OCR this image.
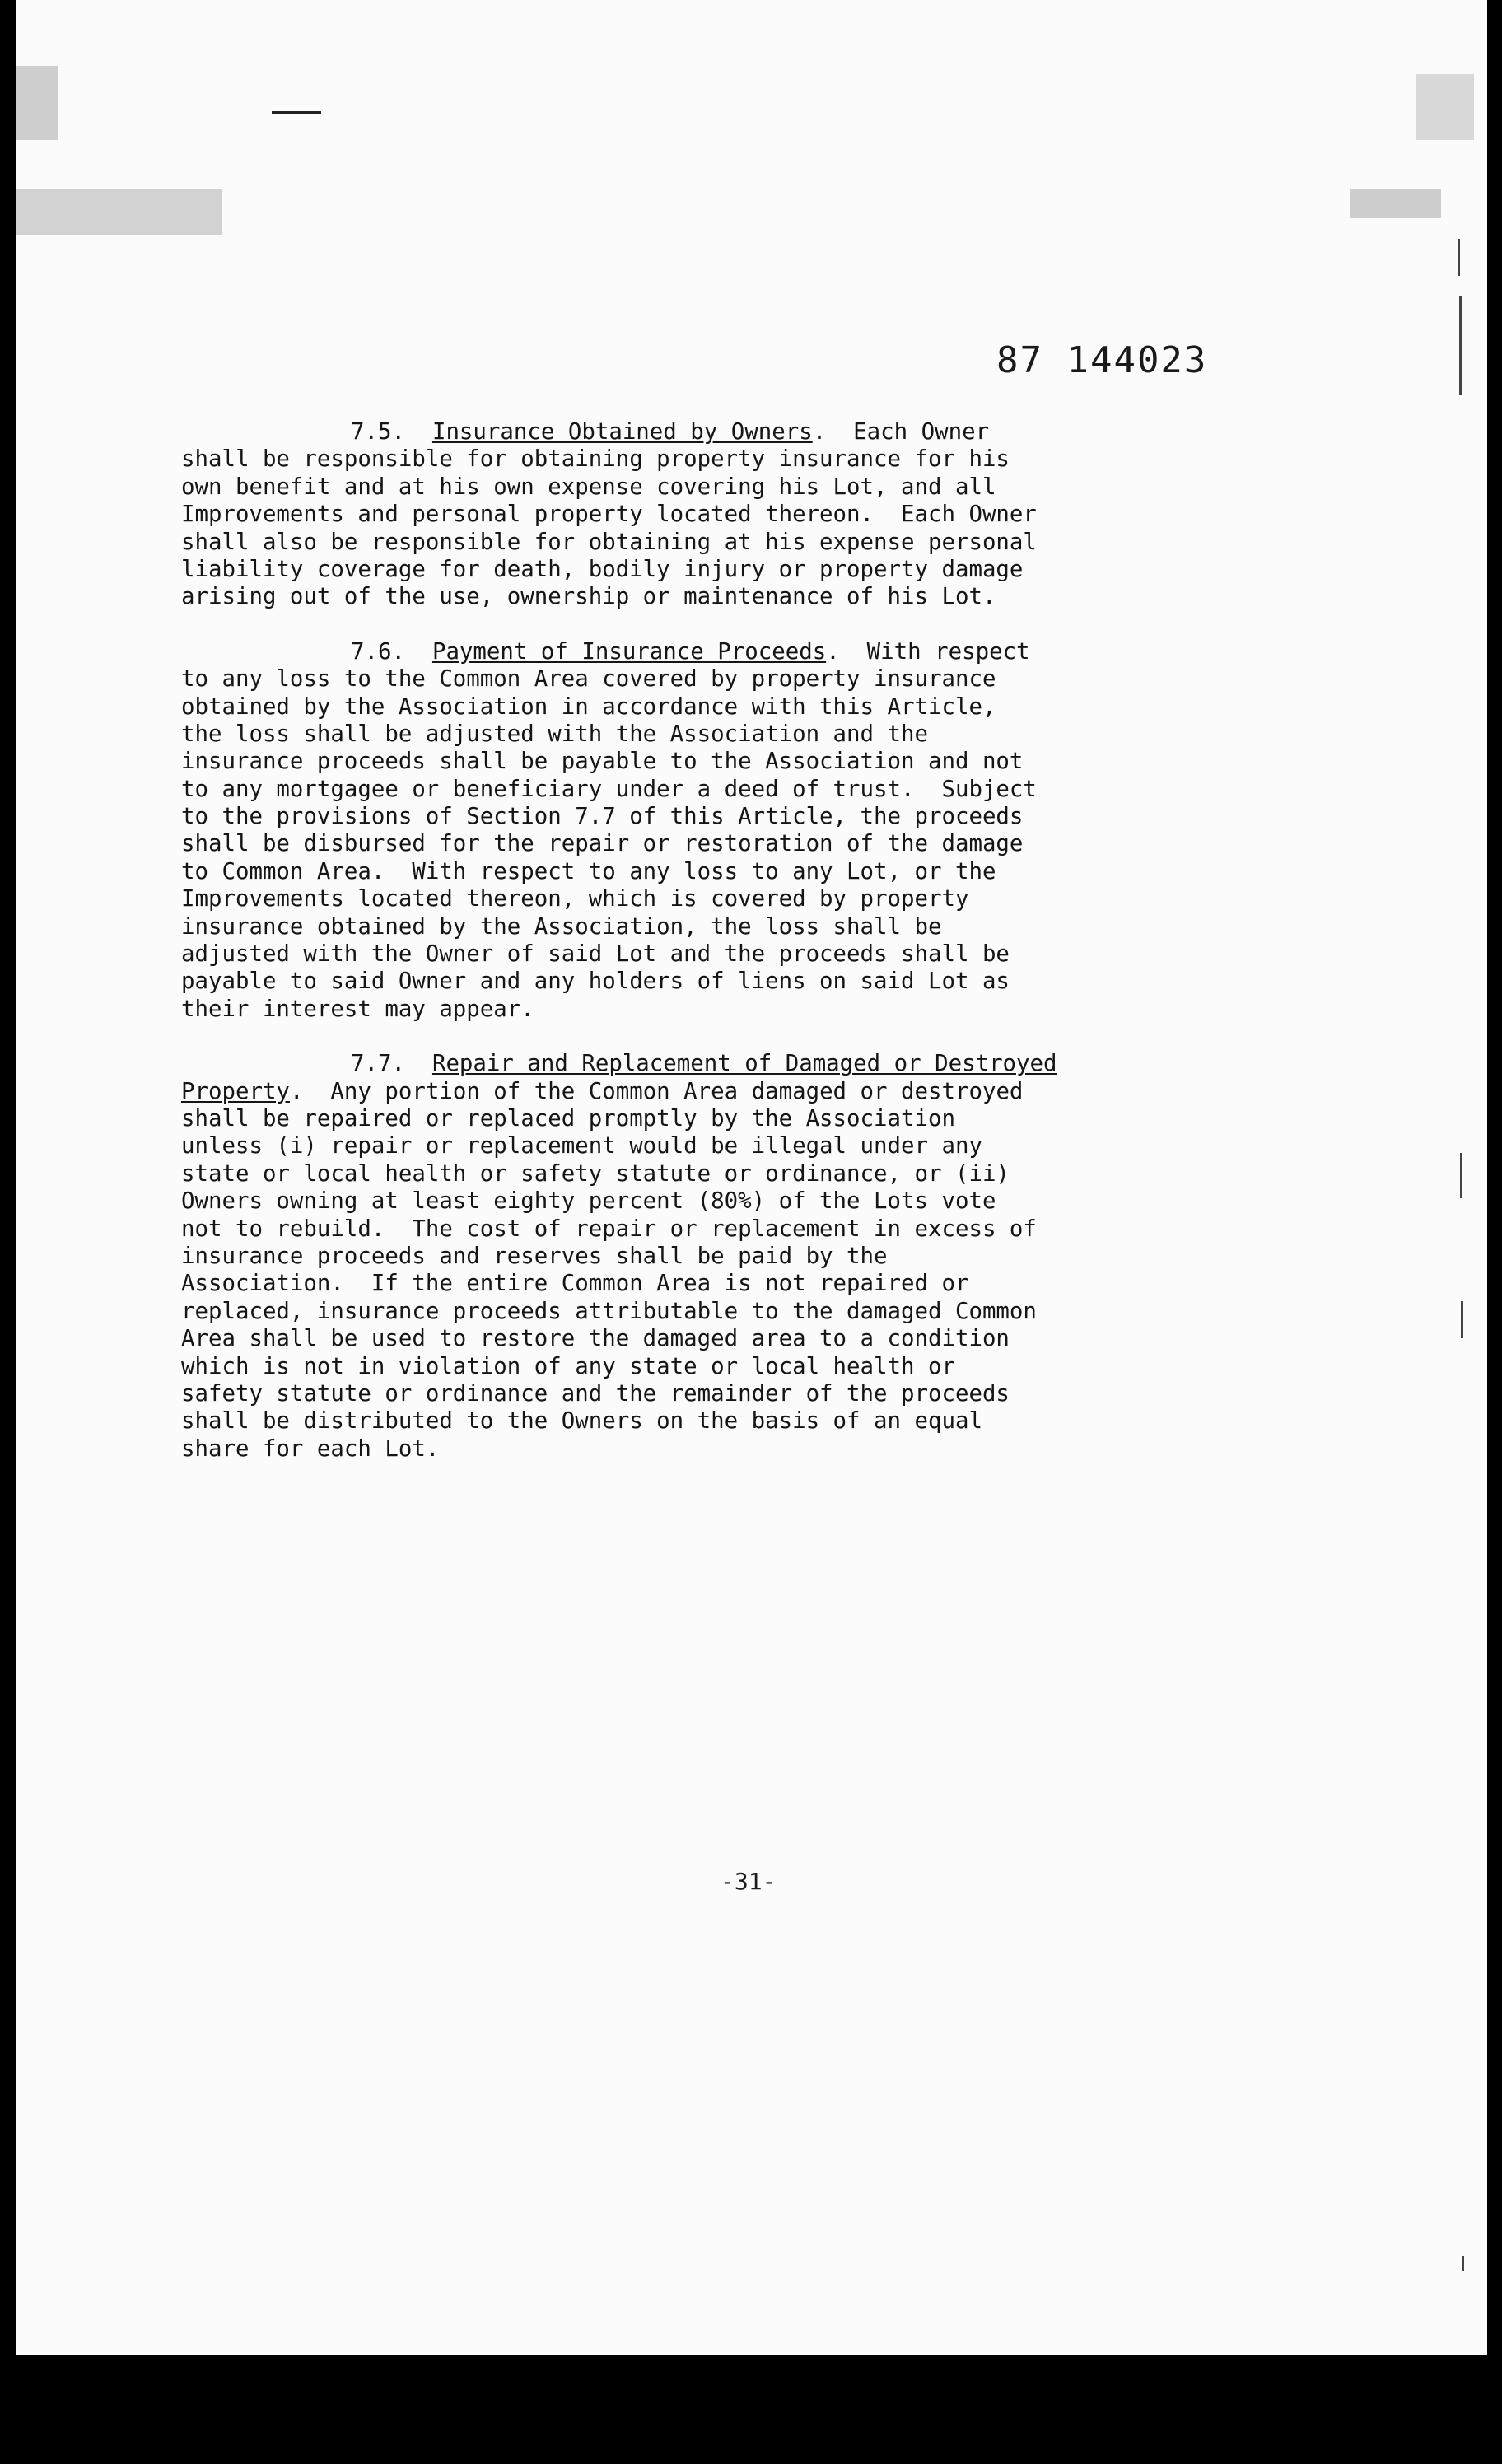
87 144023
7.5.  Insurance Obtained by Owners.  Each Owner
shall be responsible for obtaining property insurance for his
own benefit and at his own expense covering his Lot, and all
Improvements and personal property located thereon.  Each Owner
shall also be responsible for obtaining at his expense personal
liability coverage for death, bodily injury or property damage
arising out of the use, ownership or maintenance of his Lot.
7.6.  Payment of Insurance Proceeds.  With respect
to any loss to the Common Area covered by property insurance
obtained by the Association in accordance with this Article,
the loss shall be adjusted with the Association and the
insurance proceeds shall be payable to the Association and not
to any mortgagee or beneficiary under a deed of trust.  Subject
to the provisions of Section 7.7 of this Article, the proceeds
shall be disbursed for the repair or restoration of the damage
to Common Area.  With respect to any loss to any Lot, or the
Improvements located thereon, which is covered by property
insurance obtained by the Association, the loss shall be
adjusted with the Owner of said Lot and the proceeds shall be
payable to said Owner and any holders of liens on said Lot as
their interest may appear.
7.7.  Repair and Replacement of Damaged or Destroyed
Property.  Any portion of the Common Area damaged or destroyed
shall be repaired or replaced promptly by the Association
unless (i) repair or replacement would be illegal under any
state or local health or safety statute or ordinance, or (ii)
Owners owning at least eighty percent (80%) of the Lots vote
not to rebuild.  The cost of repair or replacement in excess of
insurance proceeds and reserves shall be paid by the
Association.  If the entire Common Area is not repaired or
replaced, insurance proceeds attributable to the damaged Common
Area shall be used to restore the damaged area to a condition
which is not in violation of any state or local health or
safety statute or ordinance and the remainder of the proceeds
shall be distributed to the Owners on the basis of an equal
share for each Lot.
-31-
